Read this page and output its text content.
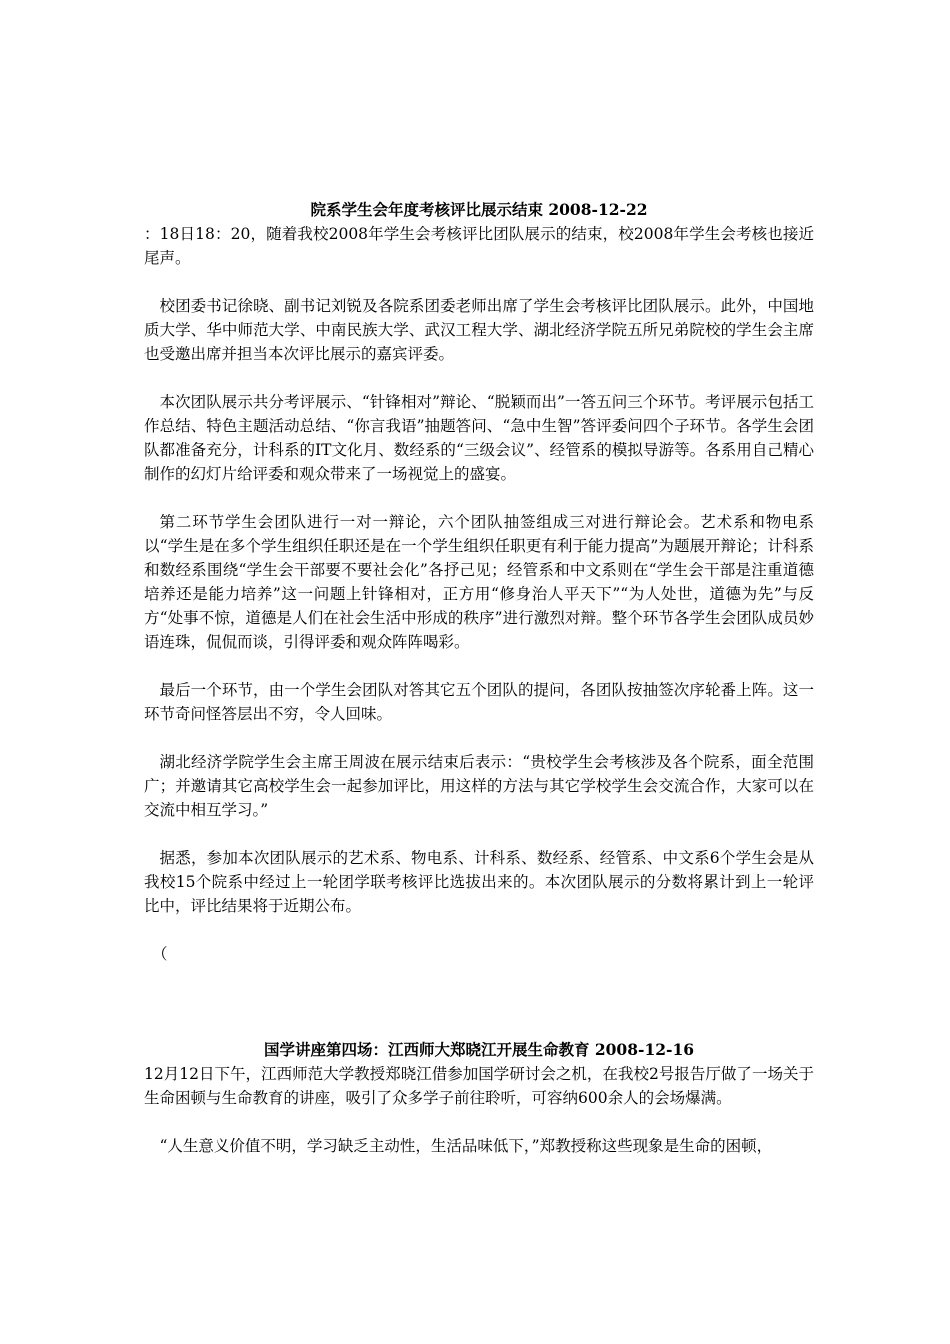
院系学生会年度考核评比展示结束 2008-12-22

：18日18：20，随着我校2008年学生会考核评比团队展示的结束，校2008年学生会考核也接近尾声。

校团委书记徐晓、副书记刘锐及各院系团委老师出席了学生会考核评比团队展示。此外，中国地质大学、华中师范大学、中南民族大学、武汉工程大学、湖北经济学院五所兄弟院校的学生会主席也受邀出席并担当本次评比展示的嘉宾评委。

本次团队展示共分考评展示、“针锋相对”辩论、“脱颖而出”一答五问三个环节。考评展示包括工作总结、特色主题活动总结、“你言我语”抽题答问、“急中生智”答评委问四个子环节。各学生会团队都准备充分，计科系的IT文化月、数经系的“三级会议”、经管系的模拟导游等。各系用自己精心制作的幻灯片给评委和观众带来了一场视觉上的盛宴。

第二环节学生会团队进行一对一辩论，六个团队抽签组成三对进行辩论会。艺术系和物电系以“学生是在多个学生组织任职还是在一个学生组织任职更有利于能力提高”为题展开辩论；计科系和数经系围绕“学生会干部要不要社会化”各抒己见；经管系和中文系则在“学生会干部是注重道德培养还是能力培养”这一问题上针锋相对，正方用“修身治人平天下”“为人处世，道德为先”与反方“处事不惊，道德是人们在社会生活中形成的秩序”进行激烈对辩。整个环节各学生会团队成员妙语连珠，侃侃而谈，引得评委和观众阵阵喝彩。

最后一个环节，由一个学生会团队对答其它五个团队的提问，各团队按抽签次序轮番上阵。这一环节奇问怪答层出不穷，令人回味。

湖北经济学院学生会主席王周波在展示结束后表示：“贵校学生会考核涉及各个院系，面全范围广；并邀请其它高校学生会一起参加评比，用这样的方法与其它学校学生会交流合作，大家可以在交流中相互学习。”

据悉，参加本次团队展示的艺术系、物电系、计科系、数经系、经管系、中文系6个学生会是从我校15个院系中经过上一轮团学联考核评比选拔出来的。本次团队展示的分数将累计到上一轮评比中，评比结果将于近期公布。

（

国学讲座第四场：江西师大郑晓江开展生命教育 2008-12-16

12月12日下午，江西师范大学教授郑晓江借参加国学研讨会之机，在我校2号报告厅做了一场关于生命困顿与生命教育的讲座，吸引了众多学子前往聆听，可容纳600余人的会场爆满。

“人生意义价值不明，学习缺乏主动性，生活品味低下，”郑教授称这些现象是生命的困顿，
